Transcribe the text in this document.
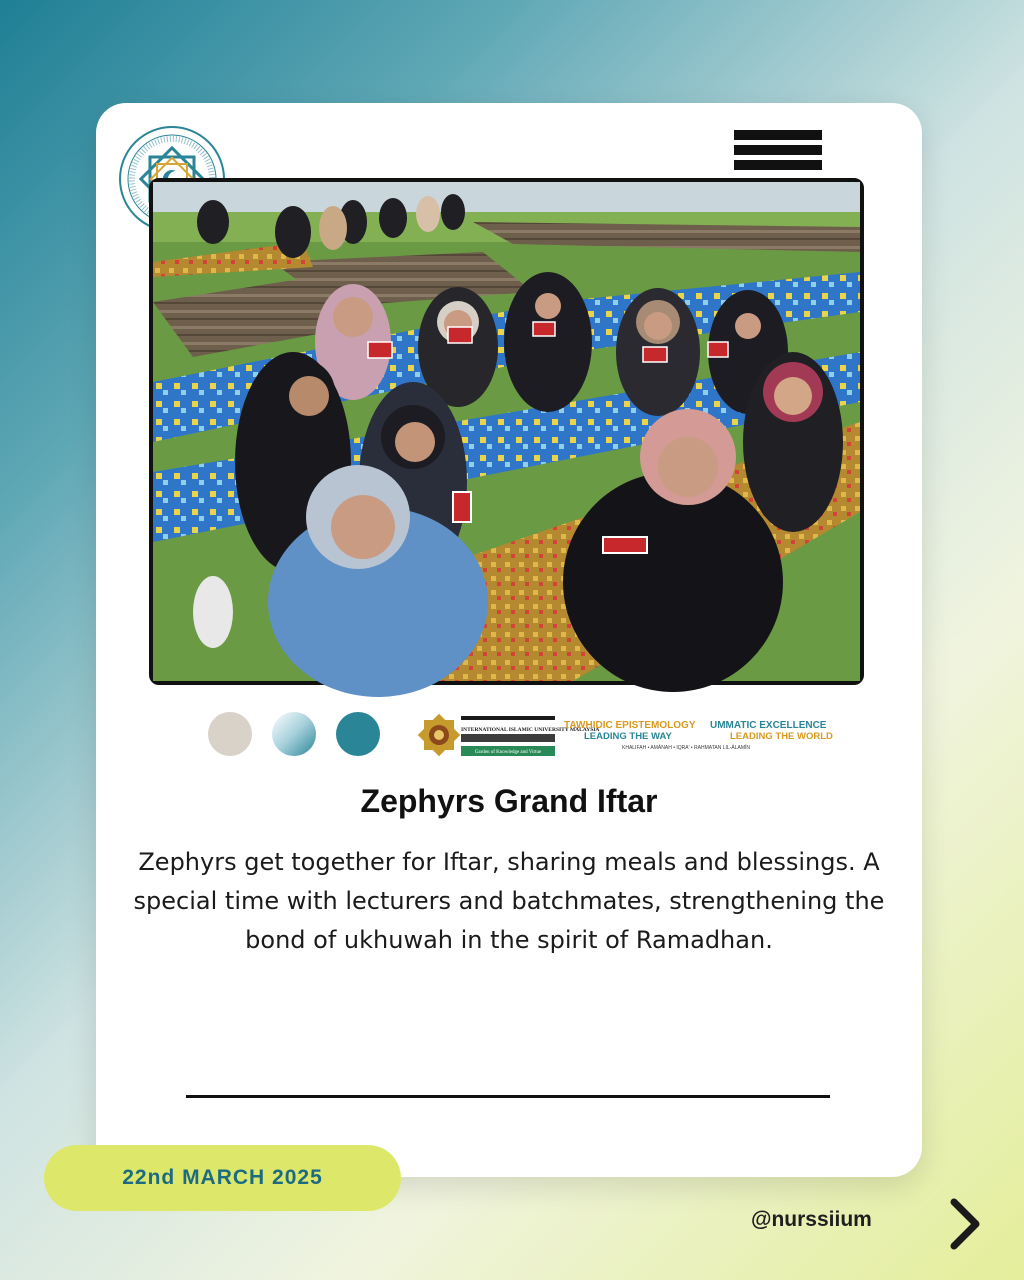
INTERNATIONAL ISLAMIC UNIVERSITY MALAYSIA
Garden of Knowledge and Virtue
TAWHIDIC EPISTEMOLOGY
LEADING THE WAY
UMMATIC EXCELLENCE
LEADING THE WORLD
KHALIFAH • AMĀNAH • IQRA' • RAHMATAN LIL-ĀLAMĪN
Zephyrs Grand Iftar

Zephyrs get together for Iftar, sharing meals and blessings. A special time with lecturers and batchmates, strengthening the bond of ukhuwah in the spirit of Ramadhan.

22nd MARCH 2025
@nurssiium
